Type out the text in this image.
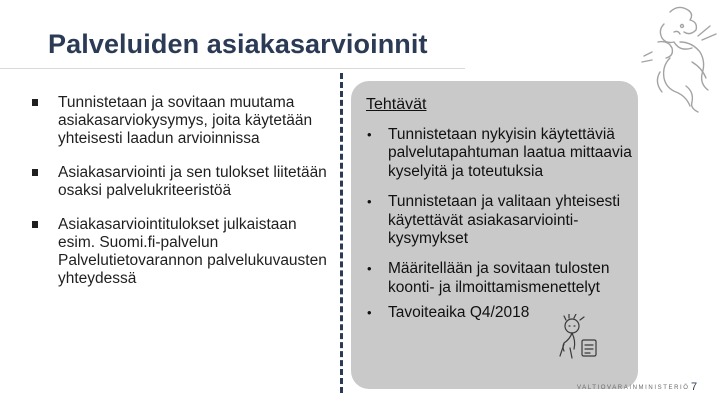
Palveluiden asiakasarvioinnit
Tunnistetaan ja sovitaan muutama asiakasarviokysymys, joita käytetään yhteisesti laadun arvioinnissa
Asiakasarviointi ja sen tulokset liitetään osaksi palvelukriteeristöä
Asiakasarviointitulokset julkaistaan esim. Suomi.fi-palvelun Palvelutietovarannon palvelukuvausten yhteydessä
Tehtävät
• Tunnistetaan nykyisin käytettäviä palvelutapahtuman laatua mittaavia kyselyitä ja toteutuksia
• Tunnistetaan ja valitaan yhteisesti käytettävät asiakasarviointi-kysymykset
• Määritellään ja sovitaan tulosten koonti- ja ilmoittamismenettelyt
• Tavoiteaika Q4/2018
VALTIOVARAINMINISTERIÖ 7
